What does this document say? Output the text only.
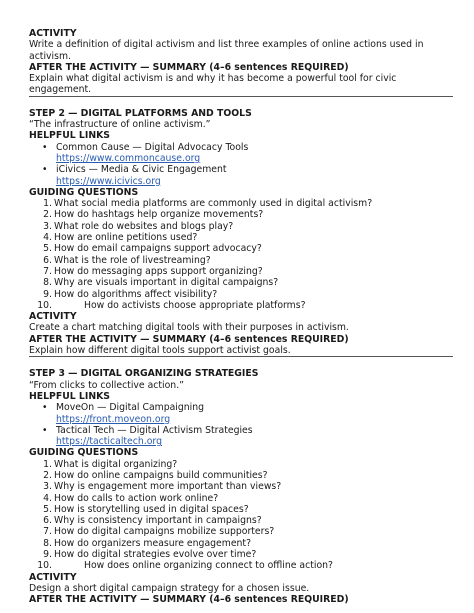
ACTIVITY
Write a definition of digital activism and list three examples of online actions used in activism.
AFTER THE ACTIVITY — SUMMARY (4–6 sentences REQUIRED)
Explain what digital activism is and why it has become a powerful tool for civic engagement.
STEP 2 — DIGITAL PLATFORMS AND TOOLS
“The infrastructure of online activism.”
HELPFUL LINKS
• Common Cause — Digital Advocacy Tools
https://www.commoncause.org
• iCivics — Media & Civic Engagement
https://www.icivics.org
GUIDING QUESTIONS
1. What social media platforms are commonly used in digital activism?
2. How do hashtags help organize movements?
3. What role do websites and blogs play?
4. How are online petitions used?
5. How do email campaigns support advocacy?
6. What is the role of livestreaming?
7. How do messaging apps support organizing?
8. Why are visuals important in digital campaigns?
9. How do algorithms affect visibility?
10.	How do activists choose appropriate platforms?
ACTIVITY
Create a chart matching digital tools with their purposes in activism.
AFTER THE ACTIVITY — SUMMARY (4–6 sentences REQUIRED)
Explain how different digital tools support activist goals.
STEP 3 — DIGITAL ORGANIZING STRATEGIES
“From clicks to collective action.”
HELPFUL LINKS
• MoveOn — Digital Campaigning
https://front.moveon.org
• Tactical Tech — Digital Activism Strategies
https://tacticaltech.org
GUIDING QUESTIONS
1. What is digital organizing?
2. How do online campaigns build communities?
3. Why is engagement more important than views?
4. How do calls to action work online?
5. How is storytelling used in digital spaces?
6. Why is consistency important in campaigns?
7. How do digital campaigns mobilize supporters?
8. How do organizers measure engagement?
9. How do digital strategies evolve over time?
10.	How does online organizing connect to offline action?
ACTIVITY
Design a short digital campaign strategy for a chosen issue.
AFTER THE ACTIVITY — SUMMARY (4–6 sentences REQUIRED)
